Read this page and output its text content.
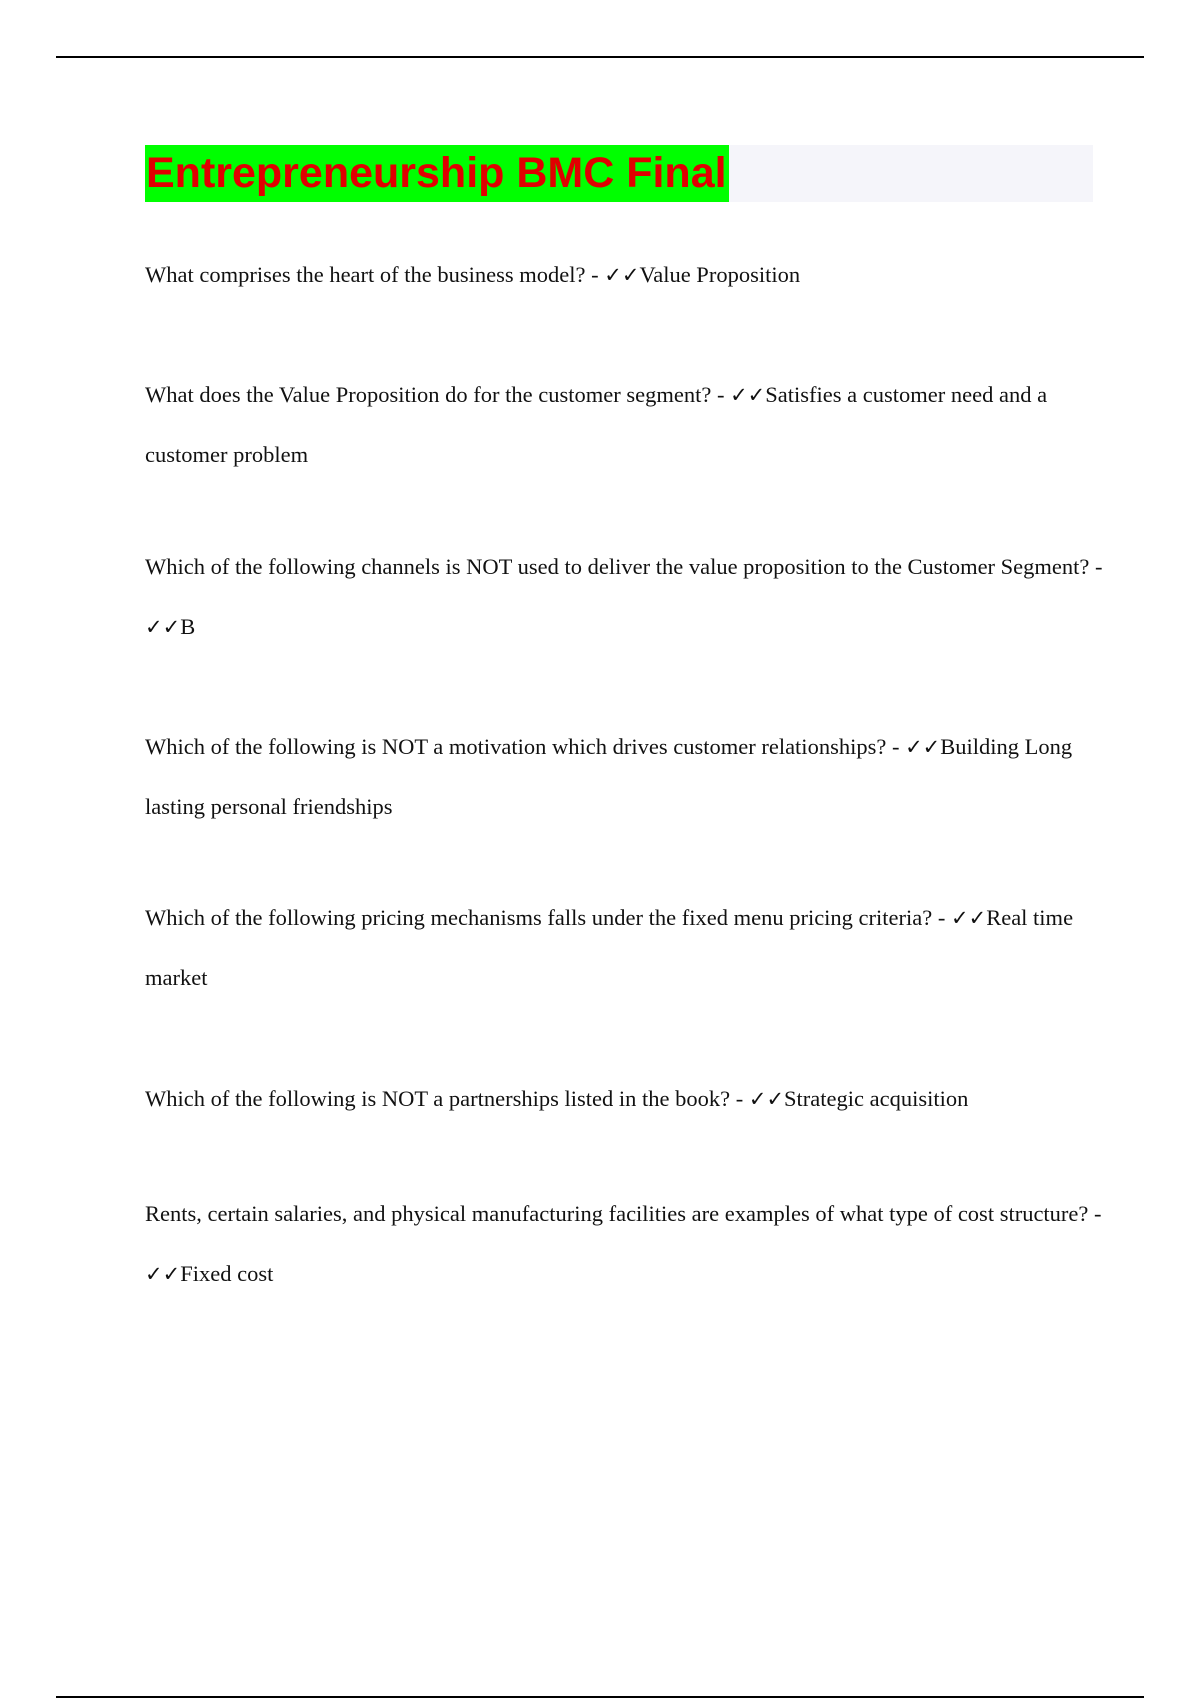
Entrepreneurship BMC Final

What comprises the heart of the business model? - ✓✓Value Proposition

What does the Value Proposition do for the customer segment? - ✓✓Satisfies a customer need and a customer problem

Which of the following channels is NOT used to deliver the value proposition to the Customer Segment? - ✓✓B

Which of the following is NOT a motivation which drives customer relationships? - ✓✓Building Long lasting personal friendships

Which of the following pricing mechanisms falls under the fixed menu pricing criteria? - ✓✓Real time market

Which of the following is NOT a partnerships listed in the book? - ✓✓Strategic acquisition

Rents, certain salaries, and physical manufacturing facilities are examples of what type of cost structure? - ✓✓Fixed cost
